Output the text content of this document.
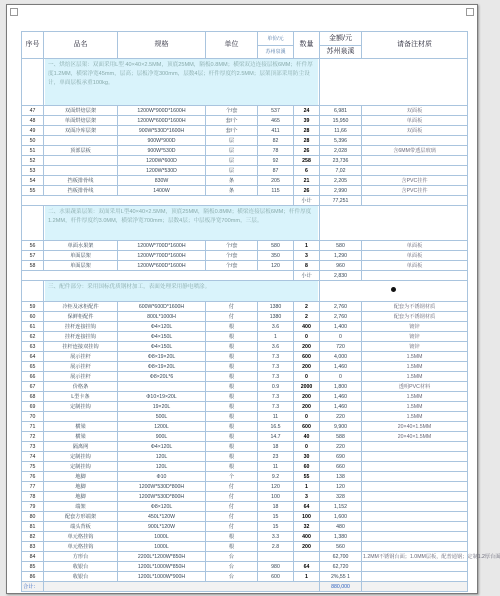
序号	品名	规格	单位	单价/元	数量	金额/元	请备注材质
				苏州泉溪		苏州泉溪	

	一、烘焙区层架：双面采用L型 40×40×2.5MM，顶底25MM，隔板0.8MM；横梁双边连接层板6MM；杆件厚度1.2MM，横梁净宽45mm，层高；层板净宽300mm，层数4层；杆件厚度约2.5MM；层架顶部采用防尘设计，单面层板承重100kg。						

47	双面烘焙层架	1200W*900D*1600H	个/套	537	24	6,981	双面板
48	单面烘焙层架	1200W*600D*1600H	套/个	465	39	15,950	单面板
49	双面冷库层架	900W*530D*1600H	套/个	411	28	11,66	双面板
50		900W*900D	层	82	28	5,396	
51	顶部层板	900W*530D	层	78	26	2,028	含6MM带透层玻璃
52		1200W*600D	层	92	258	23,736	
53		1200W*530D	层	87	6	7,02	
54	挡板排骨线	830W	条	205	21	2,205	含PVC挂件
55	挡板排骨线	1400W	条	115	26	2,990	含PVC挂件
					小计	77,251	

	二、水果蔬菜层架：双面采用L型40×40×2.5MM，顶底25MM，隔板0.8MM；横梁连接层板6MM；杆件厚度1.2MM，杆件厚度约3.0MM，横梁净宽700mm；层数4层；中层板净宽700mm，三层。						

56	单面水果架	1200W*700D*1600H	个/套	580	1	580	单面板
57	单面层架	1200W*700D*1600H	个/套	350	3	1,290	单面板
58	单面层架	1200W*600D*1600H	个/套	120	8	960	单面板
					小计	2,830	

	三、配件部分：采用国标优质钢材加工，表面处理采用静电喷涂。						

59	冷柜及冰柜配件	600W*600D*1600H	付	1380	2	2,760	配套为不锈钢材质
60	保鲜柜配件	800L*1000H	付	1380	2	2,760	配套为不锈钢材质
61	挂杆连接挂钩	Φ4×120L	根	3.6	400	1,400	镀锌
62	挂杆连接挂钩	Φ4×150L	根	1	0	0	镀锌
63	挂杆连接双挂钩	Φ4×150L	根	3.6	200	720	镀锌
64	展示挂杆	Φ8×19×20L	根	7.3	600	4,000	1.5MM
65	展示挂杆	Φ8×19×20L	根	7.3	200	1,460	1.5MM
66	展示挂杆	Φ8×20L*6	根	7.3	0	0	1.5MM
67	价格条		根	0.9	2000	1,800	透明PVC材料
68	L型卡条	Φ10×19×20L	根	7.3	200	1,460	1.5MM
69	定制挂钩	19×20L	根	7.3	200	1,460	1.5MM
70		500L	根	11	0	220	1.5MM
71	横梁	1200L	根	16.5	600	9,900	20×40×1.5MM
72	横梁	900L	根	14.7	40	588	20×40×1.5MM
73	隔离网	Φ4×120L	根	18	0	220	
74	定制挂钩	120L	根	23	30	690	
75	定制挂钩	120L	根	11	60	660	
76	地脚	Φ10	个	9.2	55	138	
77	地脚	1200W*530D*800H	付	120	1	120	
78	地脚	1200W*530D*800H	付	100	3	328	
79	端架	Φ8×120L	付	18	64	1,152	
80	配套方形端架	450L*120W	付	15	100	1,600	
81	端头背板	900L*120W	付	15	32	480	
82	单元格挂钩	1000L	根	3.3	400	1,380	
83	单元格挂钩	1000L	根	2.8	200	560	
84	方形台	2200L*1200W*850H	台			62,700	1.2MM不锈钢台面；1.0MM层板，配普通钢；定制1.2厚台面
85	收银台	1200L*1000W*850H	台	980	64	62,720	
86	收银台	1200L*1000W*900H	台	600	1	2%,55 1	
合计：						880,000	
